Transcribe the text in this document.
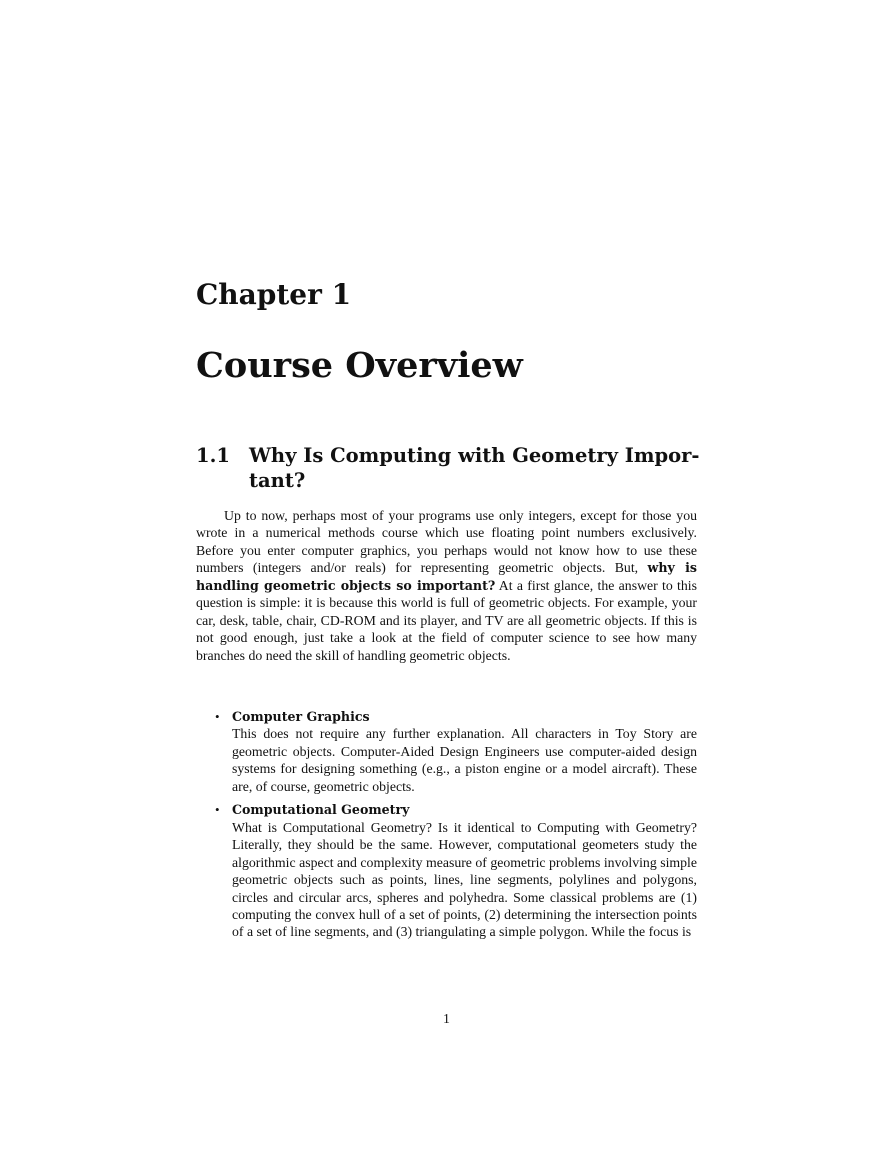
Chapter 1
Course Overview
1.1 Why Is Computing with Geometry Impor-
tant?

Up to now, perhaps most of your programs use only integers, except for those you wrote in a numerical methods course which use floating point numbers exclusively. Before you enter computer graphics, you perhaps would not know how to use these numbers (integers and/or reals) for representing geometric objects. But, why is handling geometric objects so important? At a first glance, the answer to this question is simple: it is because this world is full of geometric objects. For example, your car, desk, table, chair, CD-ROM and its player, and TV are all geometric objects. If this is not good enough, just take a look at the field of computer science to see how many branches do need the skill of handling geometric objects.

• Computer Graphics
This does not require any further explanation. All characters in Toy Story are geometric objects. Computer-Aided Design Engineers use computer-aided design systems for designing something (e.g., a piston engine or a model aircraft). These are, of course, geometric objects.
• Computational Geometry
What is Computational Geometry? Is it identical to Computing with Geometry? Literally, they should be the same. However, computational geometers study the algorithmic aspect and complexity measure of geometric problems involving simple geometric objects such as points, lines, line segments, polylines and polygons, circles and circular arcs, spheres and polyhedra. Some classical problems are (1) computing the convex hull of a set of points, (2) determining the intersection points of a set of line segments, and (3) triangulating a simple polygon. While the focus is
1
